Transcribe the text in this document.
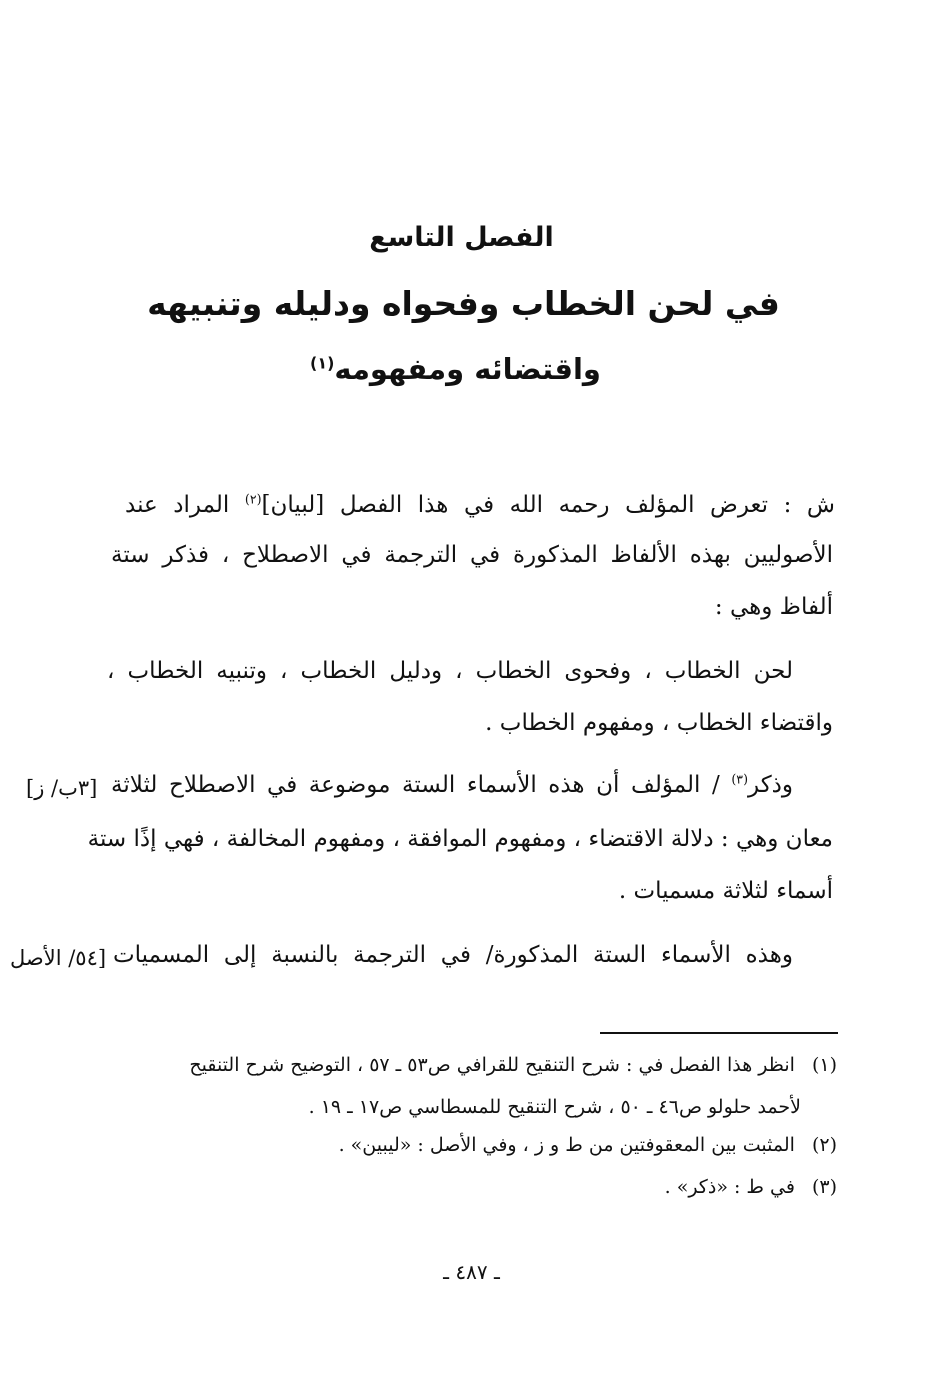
الفصل التاسع
في لحن الخطاب وفحواه ودليله وتنبيهه
واقتضائه ومفهومه$^{(١)}$
ش : تعرض المؤلف رحمه الله في هذا الفصل [لبيان]$^{(٢)}$ المراد عند
الأصوليين بهذه الألفاظ المذكورة في الترجمة في الاصطلاح ، فذكر ستة
ألفاظ وهي :
لحن الخطاب ، وفحوى الخطاب ، ودليل الخطاب ، وتنبيه الخطاب ،
واقتضاء الخطاب ، ومفهوم الخطاب .
وذكر$^{(٣)}$ / المؤلف أن هذه الأسماء الستة موضوعة في الاصطلاح لثلاثة
معان وهي : دلالة الاقتضاء ، ومفهوم الموافقة ، ومفهوم المخالفة ، فهي إذًا ستة
أسماء لثلاثة مسميات .
وهذه الأسماء الستة المذكورة/ في الترجمة بالنسبة إلى المسميات
[٣ب/ ز]
[٥٤/ الأصل
(١) انظر هذا الفصل في : شرح التنقيح للقرافي ص٥٣ ـ ٥٧ ، التوضيح شرح التنقيح
لأحمد حلولو ص٤٦ ـ ٥٠ ، شرح التنقيح للمسطاسي ص١٧ ـ ١٩ .
(٢) المثبت بين المعقوفتين من ط و ز ، وفي الأصل : «ليبين» .
(٣) في ط : «ذكر» .
ـ ٤٨٧ ـ
